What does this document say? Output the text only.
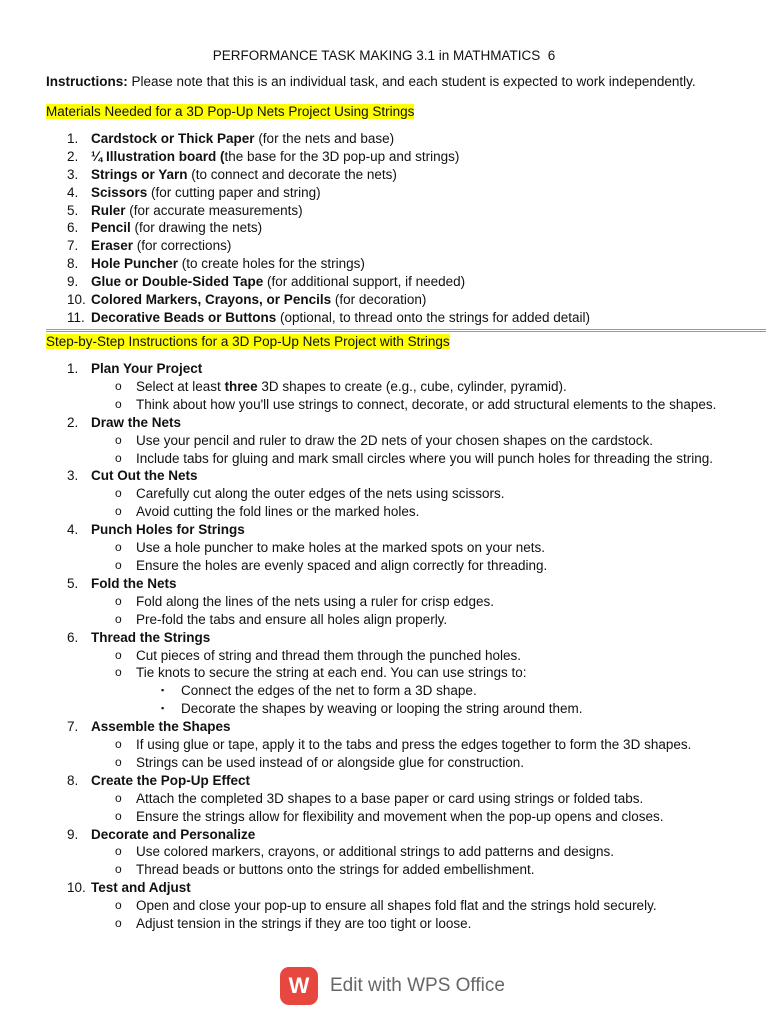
PERFORMANCE TASK MAKING 3.1 in MATHMATICS  6
Instructions: Please note that this is an individual task, and each student is expected to work independently.
Materials Needed for a 3D Pop-Up Nets Project Using Strings
1. Cardstock or Thick Paper (for the nets and base)
2. ¼ Illustration board (the base for the 3D pop-up and strings)
3. Strings or Yarn (to connect and decorate the nets)
4. Scissors (for cutting paper and string)
5. Ruler (for accurate measurements)
6. Pencil (for drawing the nets)
7. Eraser (for corrections)
8. Hole Puncher (to create holes for the strings)
9. Glue or Double-Sided Tape (for additional support, if needed)
10. Colored Markers, Crayons, or Pencils (for decoration)
11. Decorative Beads or Buttons (optional, to thread onto the strings for added detail)
Step-by-Step Instructions for a 3D Pop-Up Nets Project with Strings
1. Plan Your Project
o Select at least three 3D shapes to create (e.g., cube, cylinder, pyramid).
o Think about how you'll use strings to connect, decorate, or add structural elements to the shapes.
2. Draw the Nets
o Use your pencil and ruler to draw the 2D nets of your chosen shapes on the cardstock.
o Include tabs for gluing and mark small circles where you will punch holes for threading the string.
3. Cut Out the Nets
o Carefully cut along the outer edges of the nets using scissors.
o Avoid cutting the fold lines or the marked holes.
4. Punch Holes for Strings
o Use a hole puncher to make holes at the marked spots on your nets.
o Ensure the holes are evenly spaced and align correctly for threading.
5. Fold the Nets
o Fold along the lines of the nets using a ruler for crisp edges.
o Pre-fold the tabs and ensure all holes align properly.
6. Thread the Strings
o Cut pieces of string and thread them through the punched holes.
o Tie knots to secure the string at each end. You can use strings to:
▪ Connect the edges of the net to form a 3D shape.
▪ Decorate the shapes by weaving or looping the string around them.
7. Assemble the Shapes
o If using glue or tape, apply it to the tabs and press the edges together to form the 3D shapes.
o Strings can be used instead of or alongside glue for construction.
8. Create the Pop-Up Effect
o Attach the completed 3D shapes to a base paper or card using strings or folded tabs.
o Ensure the strings allow for flexibility and movement when the pop-up opens and closes.
9. Decorate and Personalize
o Use colored markers, crayons, or additional strings to add patterns and designs.
o Thread beads or buttons onto the strings for added embellishment.
10. Test and Adjust
o Open and close your pop-up to ensure all shapes fold flat and the strings hold securely.
o Adjust tension in the strings if they are too tight or loose.
W	Edit with WPS Office
